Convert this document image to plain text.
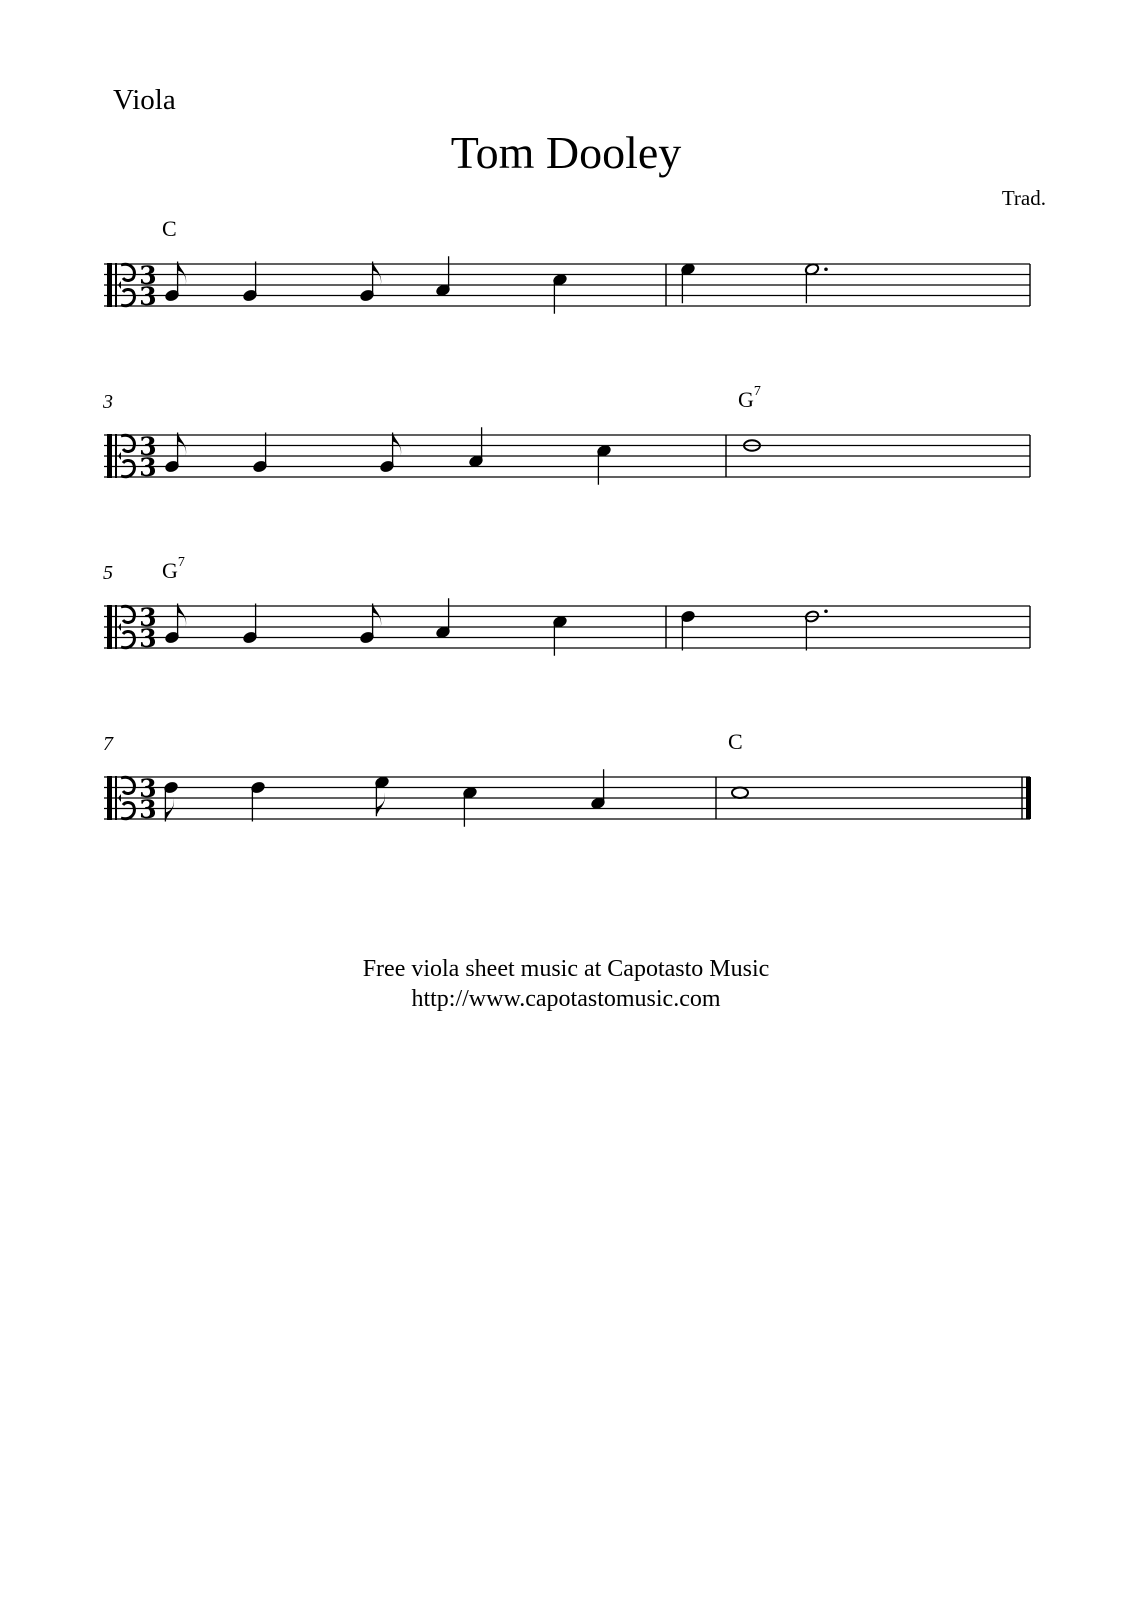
Viola
Tom Dooley
Trad.
3
3
C
3
3
3	$G^7$
3
3
5 $G^7$
3
3
7	C
Free viola sheet music at Capotasto Music
http://www.capotastomusic.com
